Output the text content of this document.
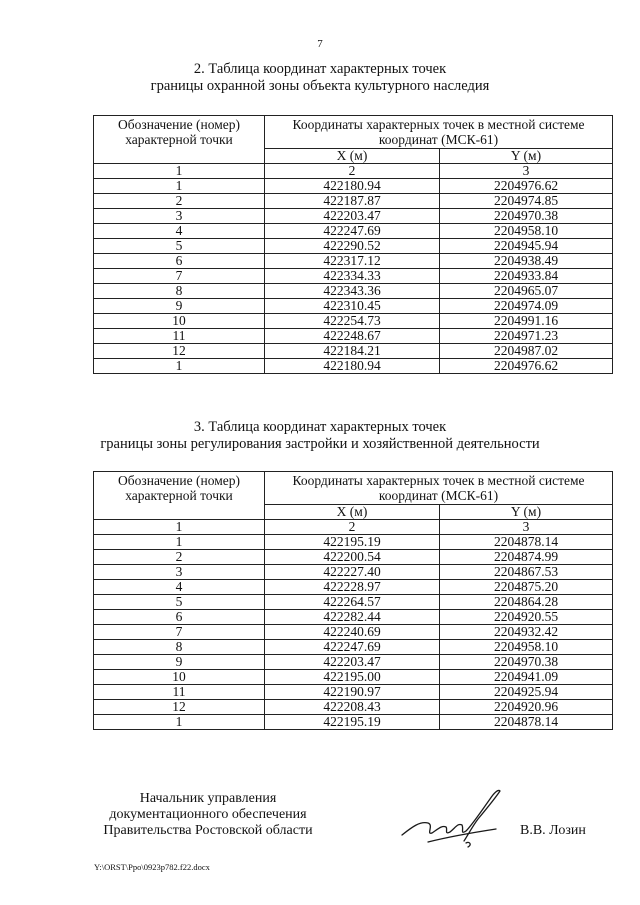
7
2. Таблица координат характерных точек
границы охранной зоны объекта культурного наследия
Обозначение (номер) характерной точки	Координаты характерных точек в местной системе координат (МСК-61)	
	X (м)	Y (м)
1	2	3
1	422180.94	2204976.62
2	422187.87	2204974.85
3	422203.47	2204970.38
4	422247.69	2204958.10
5	422290.52	2204945.94
6	422317.12	2204938.49
7	422334.33	2204933.84
8	422343.36	2204965.07
9	422310.45	2204974.09
10	422254.73	2204991.16
11	422248.67	2204971.23
12	422184.21	2204987.02
1	422180.94	2204976.62
3. Таблица координат характерных точек
границы зоны регулирования застройки и хозяйственной деятельности
Обозначение (номер) характерной точки	Координаты характерных точек в местной системе координат (МСК-61)	
	X (м)	Y (м)
1	2	3
1	422195.19	2204878.14
2	422200.54	2204874.99
3	422227.40	2204867.53
4	422228.97	2204875.20
5	422264.57	2204864.28
6	422282.44	2204920.55
7	422240.69	2204932.42
8	422247.69	2204958.10
9	422203.47	2204970.38
10	422195.00	2204941.09
11	422190.97	2204925.94
12	422208.43	2204920.96
1	422195.19	2204878.14
Начальник управления
документационного обеспечения
Правительства Ростовской области	В.В. Лозин
Y:\ORST\Ppo\0923p782.f22.docx
